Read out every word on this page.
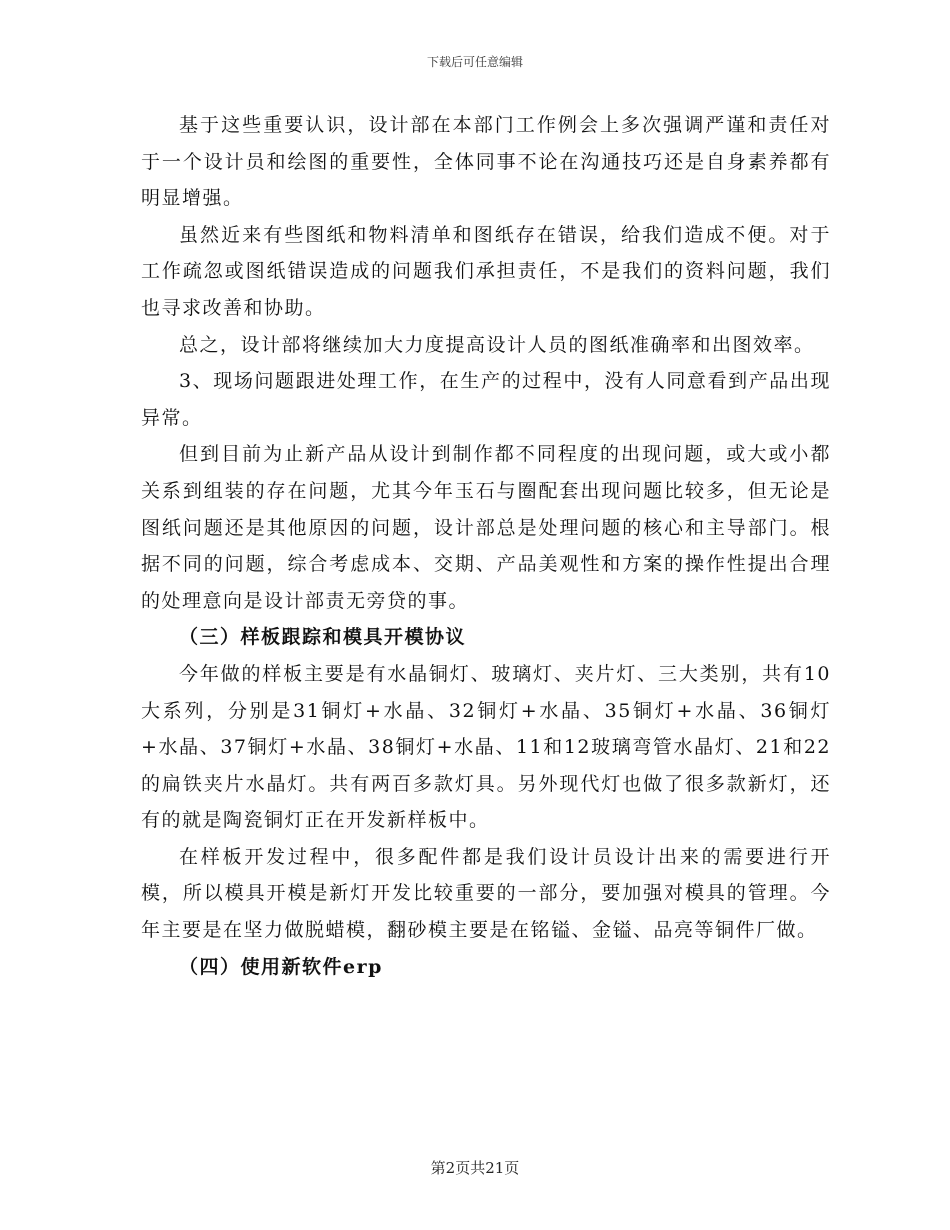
下载后可任意编辑

基于这些重要认识，设计部在本部门工作例会上多次强调严谨和责任对于一个设计员和绘图的重要性，全体同事不论在沟通技巧还是自身素养都有明显增强。

虽然近来有些图纸和物料清单和图纸存在错误，给我们造成不便。对于工作疏忽或图纸错误造成的问题我们承担责任，不是我们的资料问题，我们也寻求改善和协助。

总之，设计部将继续加大力度提高设计人员的图纸准确率和出图效率。

3、现场问题跟进处理工作，在生产的过程中，没有人同意看到产品出现异常。

但到目前为止新产品从设计到制作都不同程度的出现问题，或大或小都关系到组装的存在问题，尤其今年玉石与圈配套出现问题比较多，但无论是图纸问题还是其他原因的问题，设计部总是处理问题的核心和主导部门。根据不同的问题，综合考虑成本、交期、产品美观性和方案的操作性提出合理的处理意向是设计部责无旁贷的事。

（三）样板跟踪和模具开模协议

今年做的样板主要是有水晶铜灯、玻璃灯、夹片灯、三大类别，共有10大系列，分别是31铜灯+水晶、32铜灯+水晶、35铜灯+水晶、36铜灯+水晶、37铜灯+水晶、38铜灯+水晶、11和12玻璃弯管水晶灯、21和22的扁铁夹片水晶灯。共有两百多款灯具。另外现代灯也做了很多款新灯，还有的就是陶瓷铜灯正在开发新样板中。

在样板开发过程中，很多配件都是我们设计员设计出来的需要进行开模，所以模具开模是新灯开发比较重要的一部分，要加强对模具的管理。今年主要是在坚力做脱蜡模，翻砂模主要是在铭镒、金镒、品亮等铜件厂做。

（四）使用新软件erp
第2页共21页
